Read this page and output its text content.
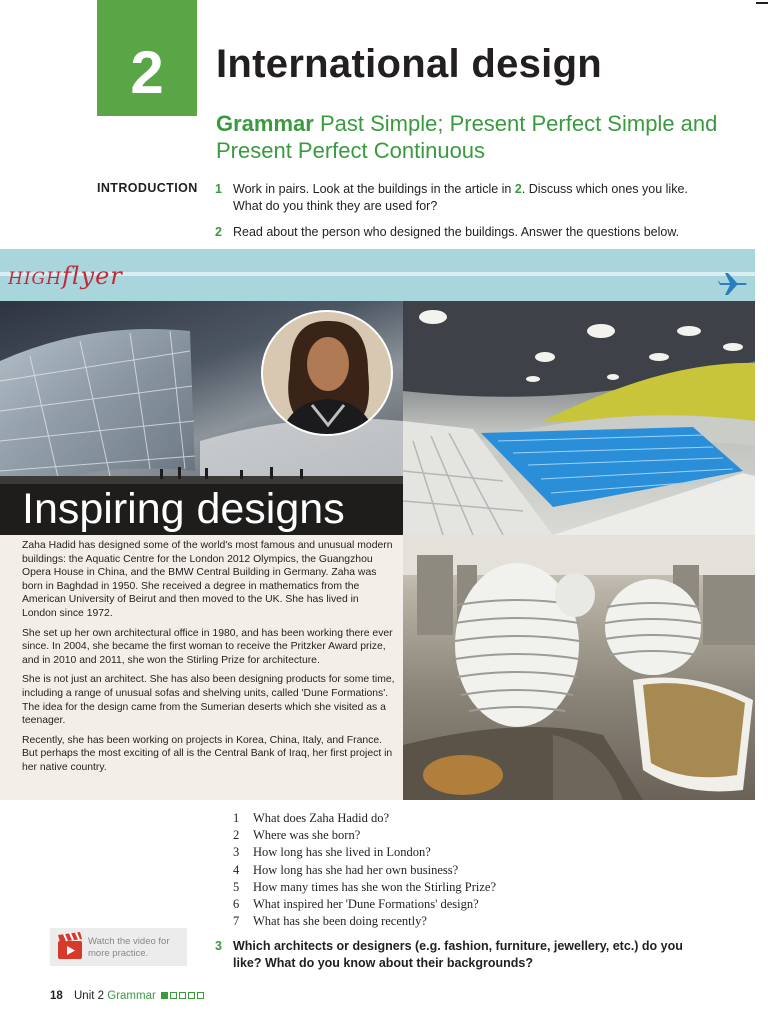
2	International design
Grammar Past Simple; Present Perfect Simple and Present Perfect Continuous
INTRODUCTION 1 Work in pairs. Look at the buildings in the article in 2. Discuss which ones you like. What do you think they are used for?
2 Read about the person who designed the buildings. Answer the questions below.
HIGHflyer
Inspiring designs

Zaha Hadid has designed some of the world's most famous and unusual modern buildings: the Aquatic Centre for the London 2012 Olympics, the Guangzhou Opera House in China, and the BMW Central Building in Germany. Zaha was born in Baghdad in 1950. She received a degree in mathematics from the American University of Beirut and then moved to the UK. She has lived in London since 1972.

She set up her own architectural office in 1980, and has been working there ever since. In 2004, she became the first woman to receive the Pritzker Award prize, and in 2010 and 2011, she won the Stirling Prize for architecture.

She is not just an architect. She has also been designing products for some time, including a range of unusual sofas and shelving units, called 'Dune Formations'. The idea for the design came from the Sumerian deserts which she visited as a teenager.

Recently, she has been working on projects in Korea, China, Italy, and France. But perhaps the most exciting of all is the Central Bank of Iraq, her first project in her native country.

1	What does Zaha Hadid do?
2	Where was she born?
3	How long has she lived in London?
4	How long has she had her own business?
5	How many times has she won the Stirling Prize?
6	What inspired her 'Dune Formations' design?
7	What has she been doing recently?
Watch the video for more practice.	3 Which architects or designers (e.g. fashion, furniture, jewellery, etc.) do you like? What do you know about their backgrounds?
18 Unit 2 Grammar
